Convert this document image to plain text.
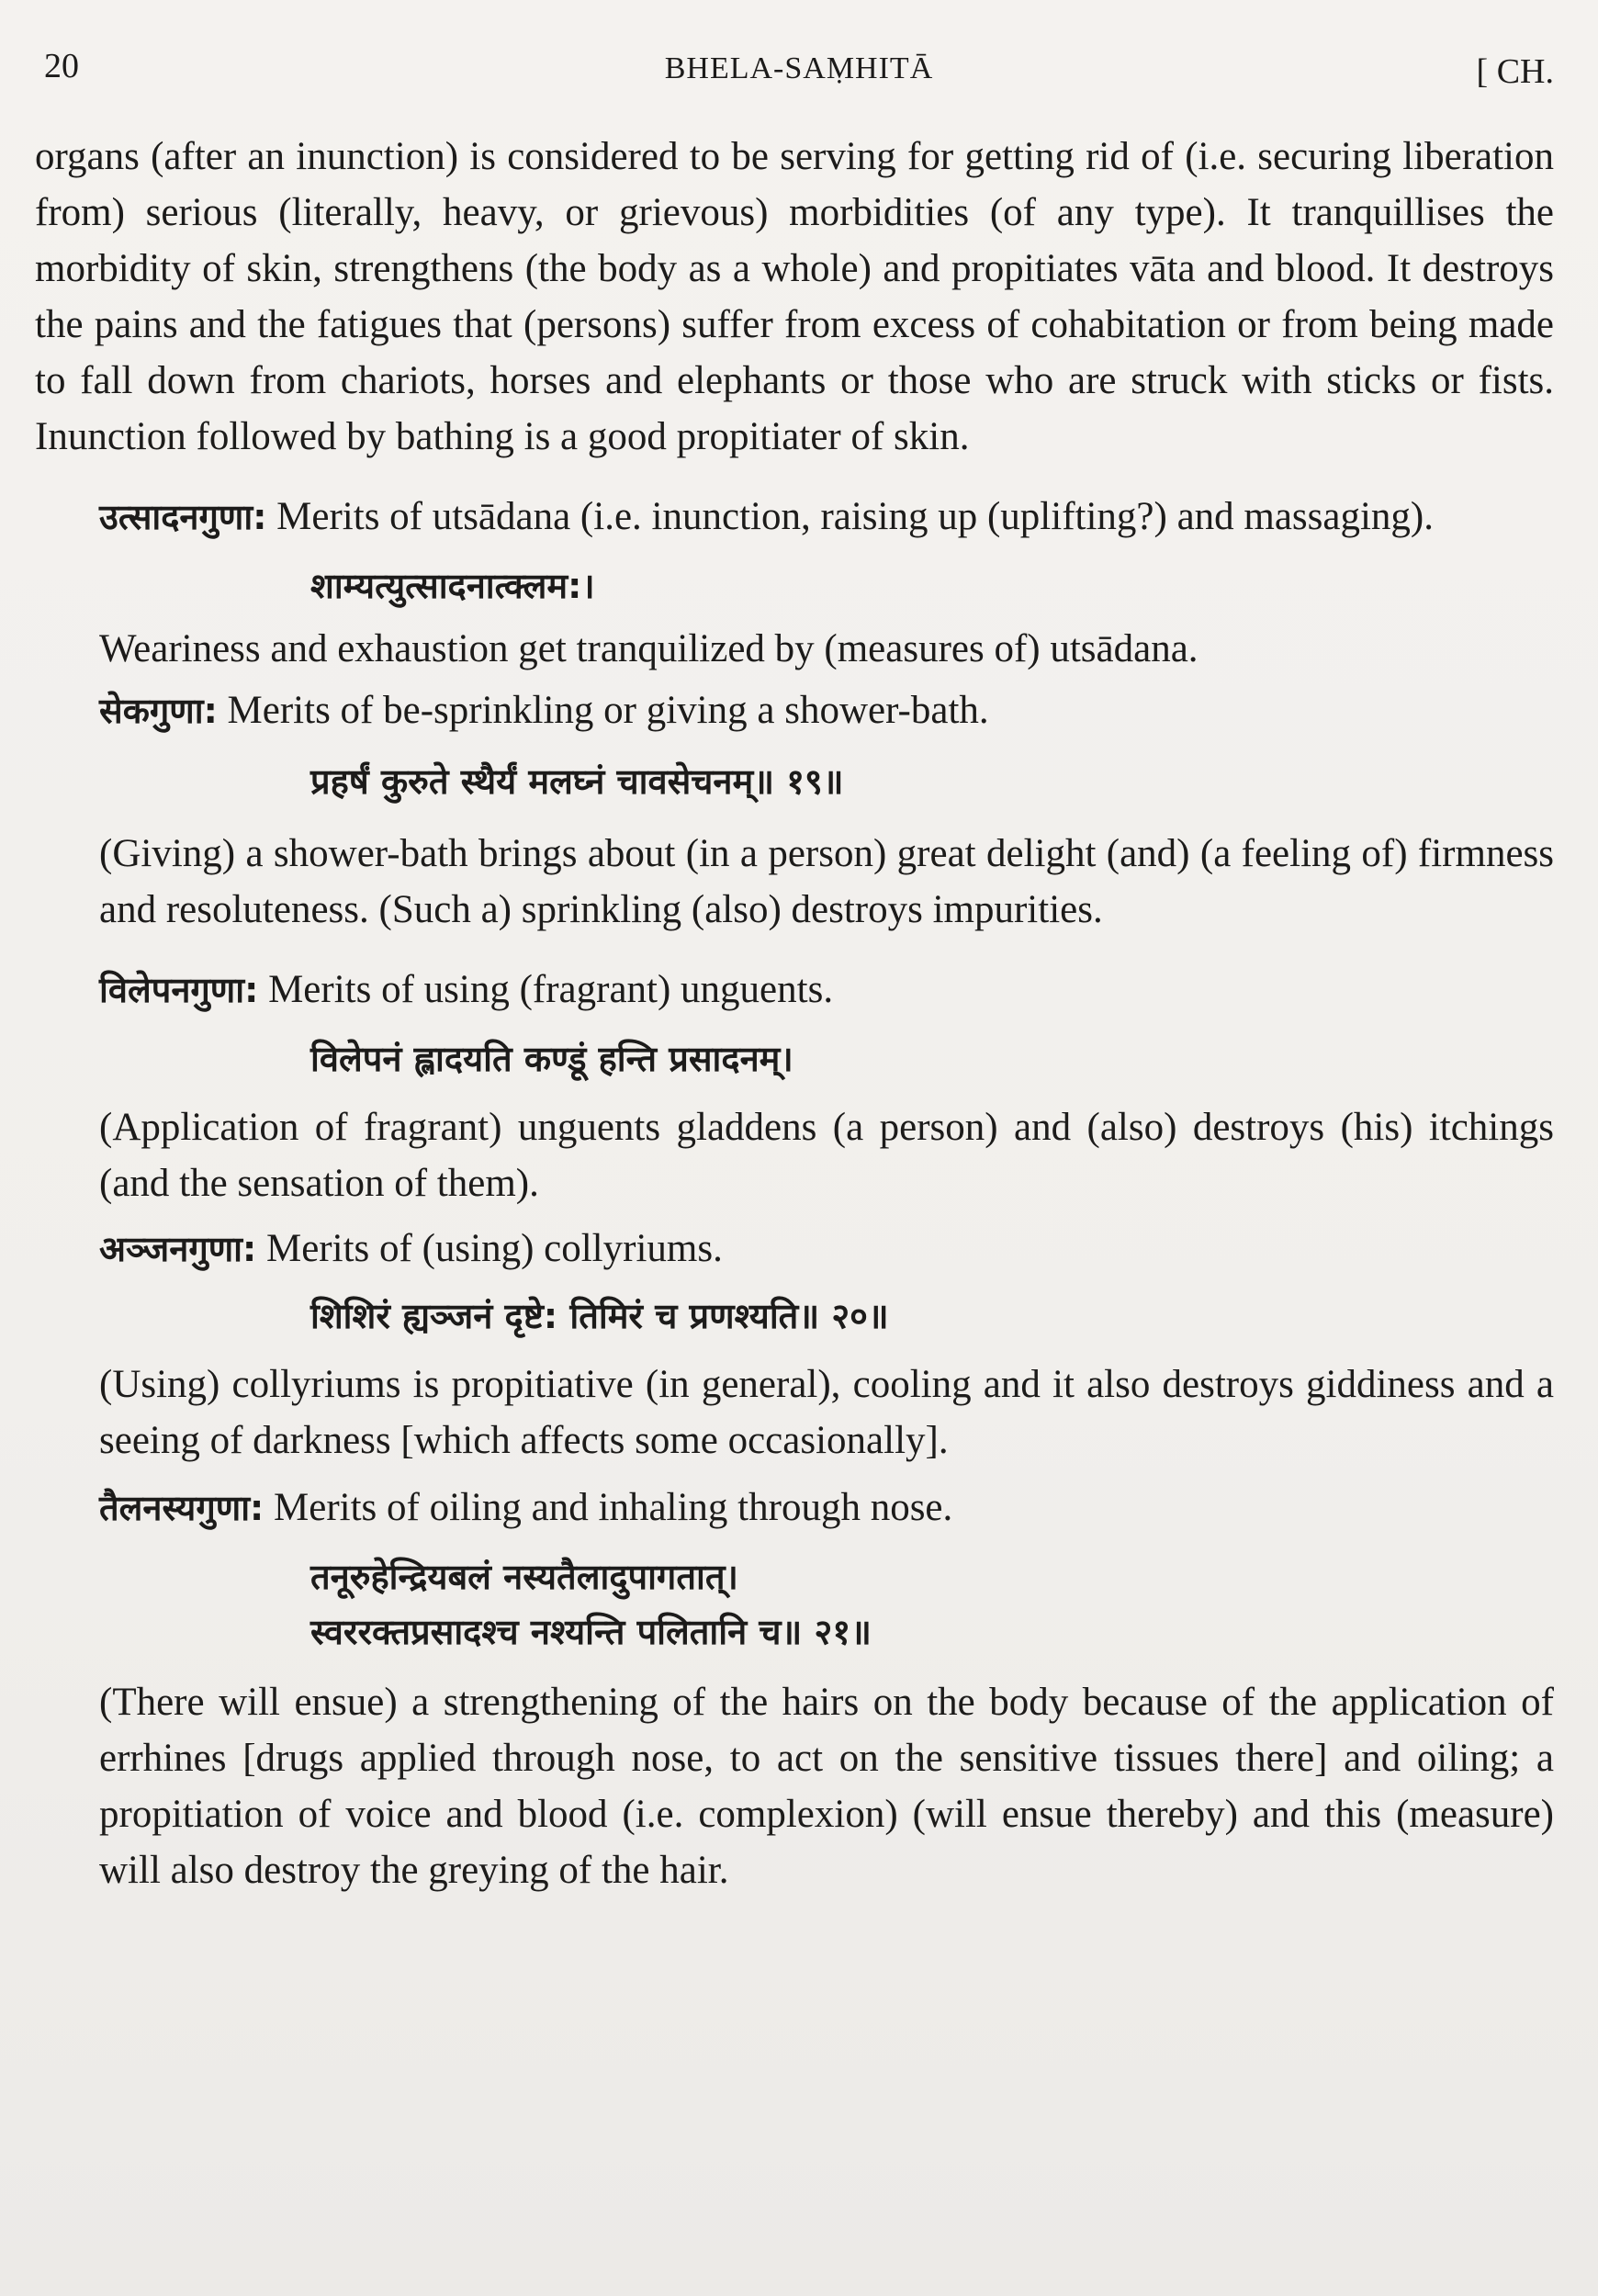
20	BHELA-SAṂHITĀ	[ CH.

organs (after an inunction) is considered to be serving for getting rid of (i.e. securing liberation from) serious (literally, heavy, or grievous) morbidities (of any type). It tranquillises the morbidity of skin, strengthens (the body as a whole) and propitiates vāta and blood. It destroys the pains and the fatigues that (persons) suffer from excess of cohabitation or from being made to fall down from chariots, horses and elephants or those who are struck with sticks or fists. Inunction followed by bathing is a good propitiater of skin.

उत्सादनगुणा: Merits of utsādana (i.e. inunction, raising up (uplifting?) and massaging).

शाम्यत्युत्सादनात्क्लम:।

Weariness and exhaustion get tranquilized by (measures of) utsādana.

सेकगुणा: Merits of be-sprinkling or giving a shower-bath.

प्रहर्षं कुरुते स्थैर्यं मलघ्नं चावसेचनम्॥ १९॥

(Giving) a shower-bath brings about (in a person) great delight (and) (a feeling of) firmness and resoluteness. (Such a) sprinkling (also) destroys impurities.

विलेपनगुणा: Merits of using (fragrant) unguents.

विलेपनं ह्लादयति कण्डूं हन्ति प्रसादनम्।

(Application of fragrant) unguents gladdens (a person) and (also) destroys (his) itchings (and the sensation of them).

अञ्जनगुणा: Merits of (using) collyriums.

शिशिरं ह्यञ्जनं दृष्टे: तिमिरं च प्रणश्यति॥ २०॥

(Using) collyriums is propitiative (in general), cooling and it also destroys giddiness and a seeing of darkness [which affects some occasionally].

तैलनस्यगुणा: Merits of oiling and inhaling through nose.

तनूरुहेन्द्रियबलं नस्यतैलादुपागतात्।

स्वररक्तप्रसादश्च नश्यन्ति पलितानि च॥ २१॥

(There will ensue) a strengthening of the hairs on the body because of the application of errhines [drugs applied through nose, to act on the sensitive tissues there] and oiling; a propitiation of voice and blood (i.e. complexion) (will ensue thereby) and this (measure) will also destroy the greying of the hair.
